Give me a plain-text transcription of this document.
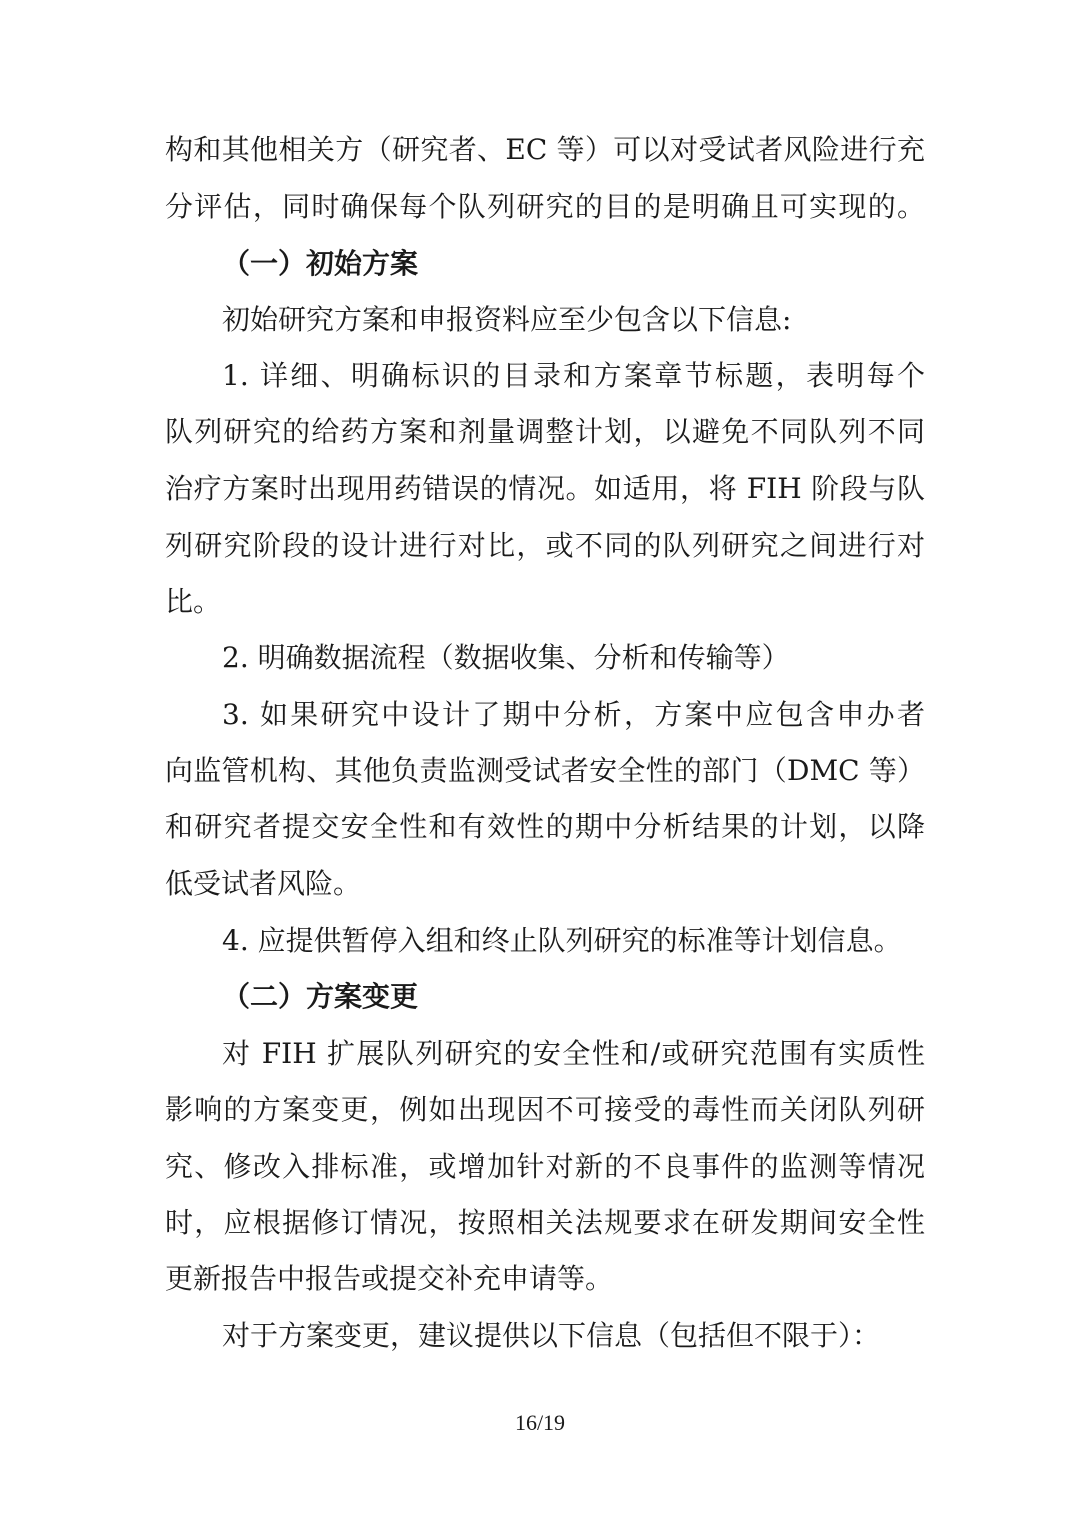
构和其他相关方（研究者、EC 等）可以对受试者风险进行充
分评估，同时确保每个队列研究的目的是明确且可实现的。
（一）初始方案
初始研究方案和申报资料应至少包含以下信息:
1. 详细、明确标识的目录和方案章节标题，表明每个
队列研究的给药方案和剂量调整计划，以避免不同队列不同
治疗方案时出现用药错误的情况。如适用，将 FIH 阶段与队
列研究阶段的设计进行对比，或不同的队列研究之间进行对
比。
2. 明确数据流程（数据收集、分析和传输等）
3. 如果研究中设计了期中分析，方案中应包含申办者
向监管机构、其他负责监测受试者安全性的部门（DMC 等）
和研究者提交安全性和有效性的期中分析结果的计划，以降
低受试者风险。
4. 应提供暂停入组和终止队列研究的标准等计划信息。
（二）方案变更
对 FIH 扩展队列研究的安全性和/或研究范围有实质性
影响的方案变更，例如出现因不可接受的毒性而关闭队列研
究、修改入排标准，或增加针对新的不良事件的监测等情况
时，应根据修订情况，按照相关法规要求在研发期间安全性
更新报告中报告或提交补充申请等。
对于方案变更，建议提供以下信息（包括但不限于）：
16/19
